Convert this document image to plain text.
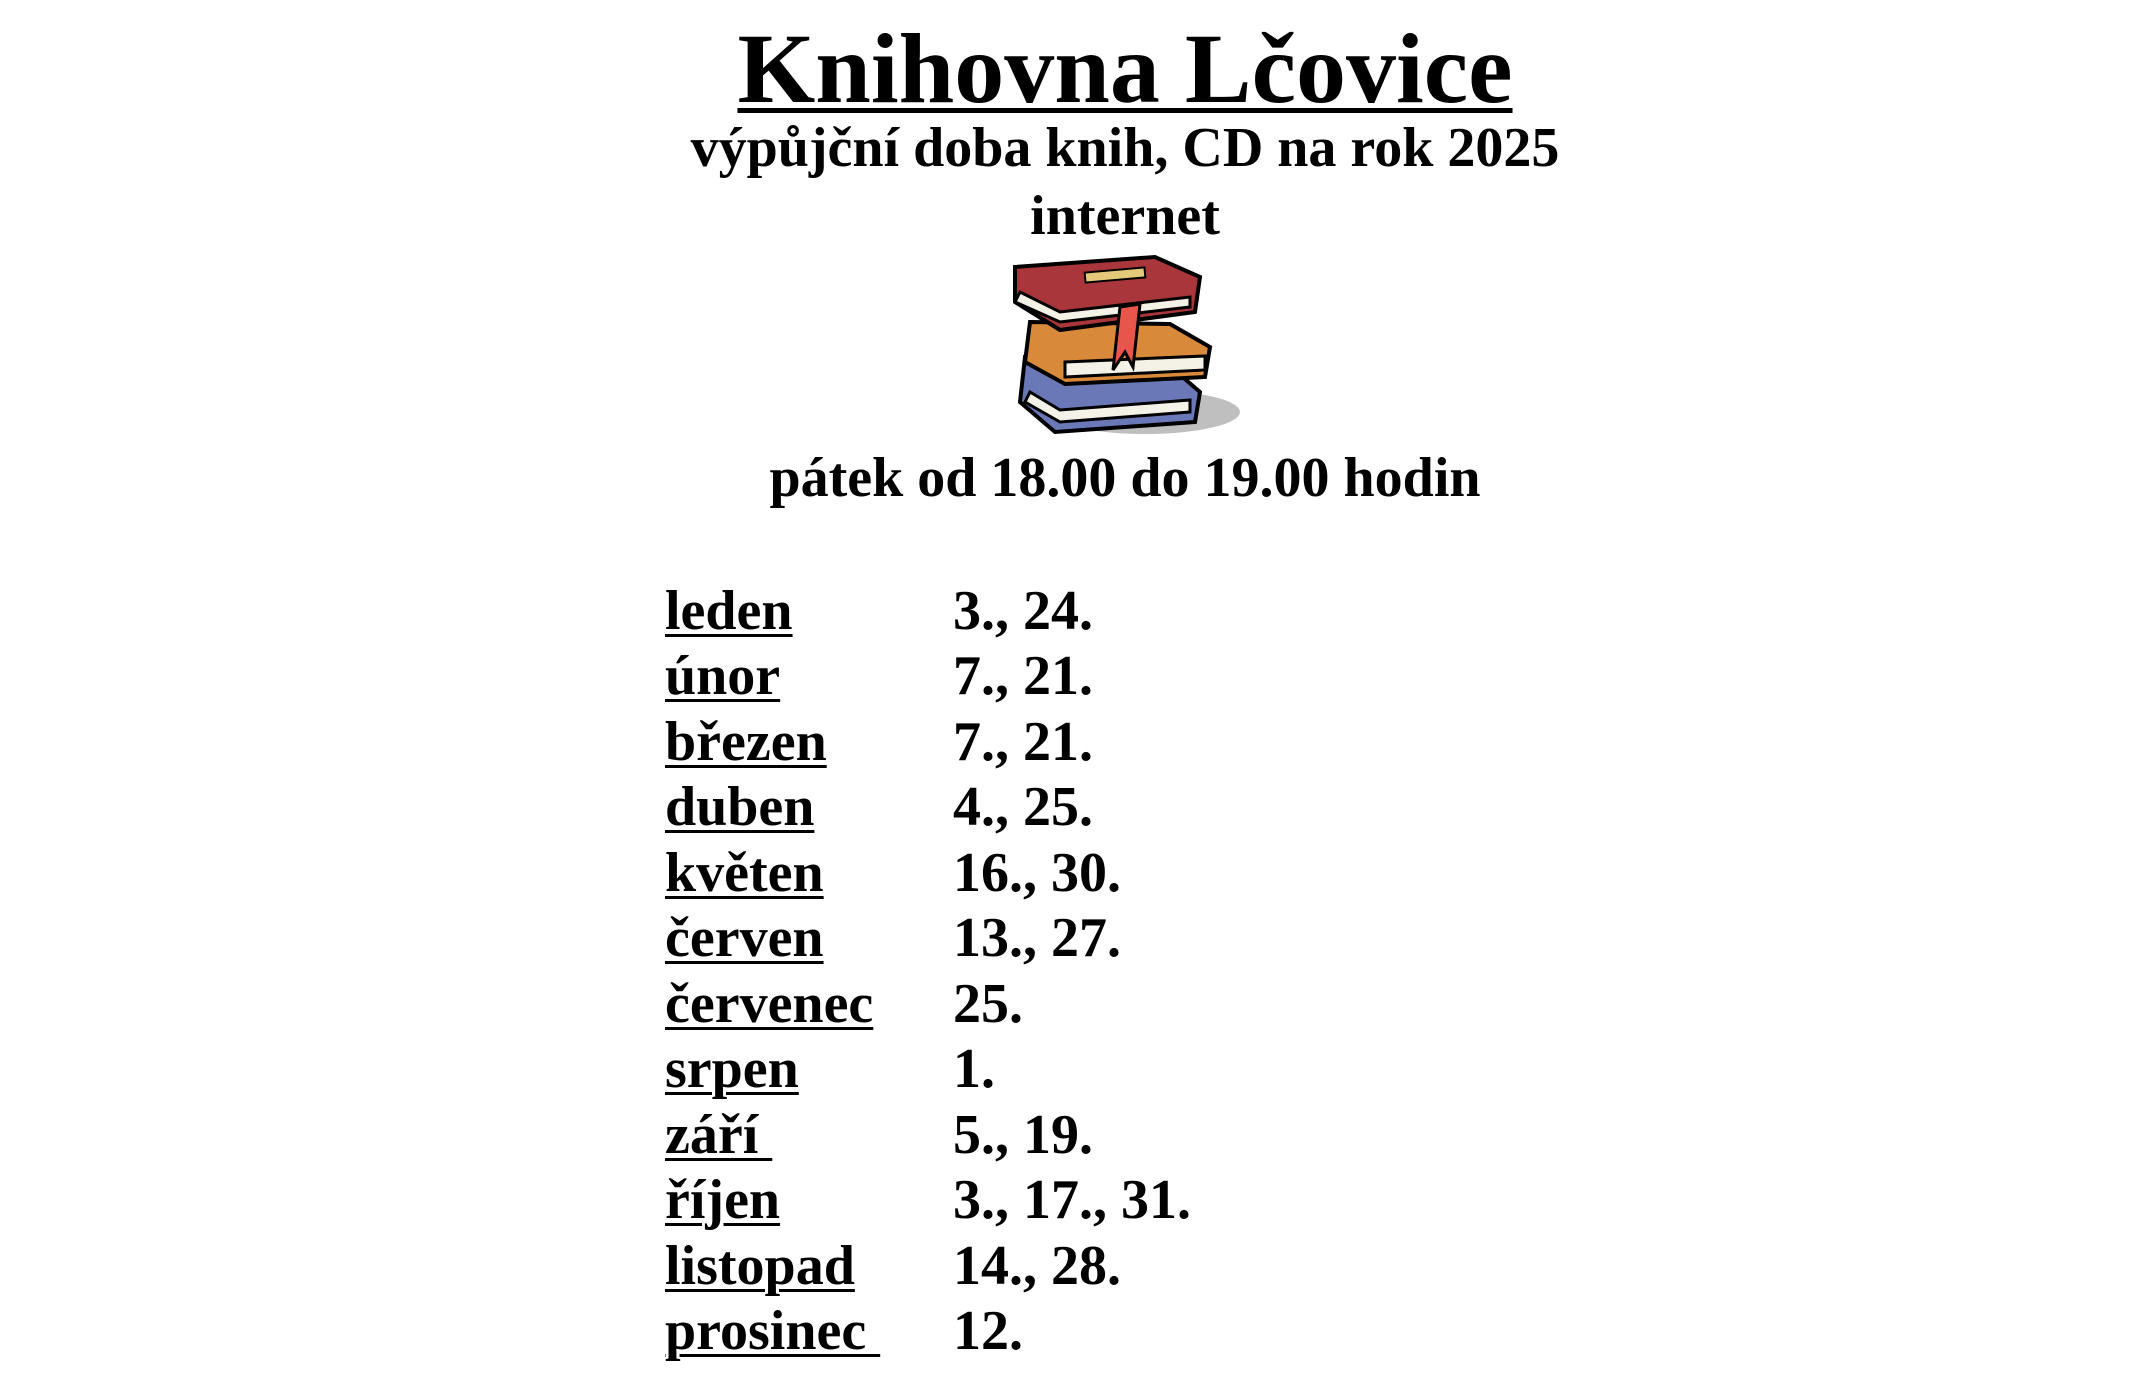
Knihovna Lčovice
výpůjční doba knih, CD na rok 2025
internet
pátek od 18.00 do 19.00 hodin
leden	3., 24.
únor	7., 21.
březen	7., 21.
duben	4., 25.
květen	16., 30.
červen	13., 27.
červenec	25.
srpen	1.
září	5., 19.
říjen	3., 17., 31.
listopad	14., 28.
prosinec	12.
